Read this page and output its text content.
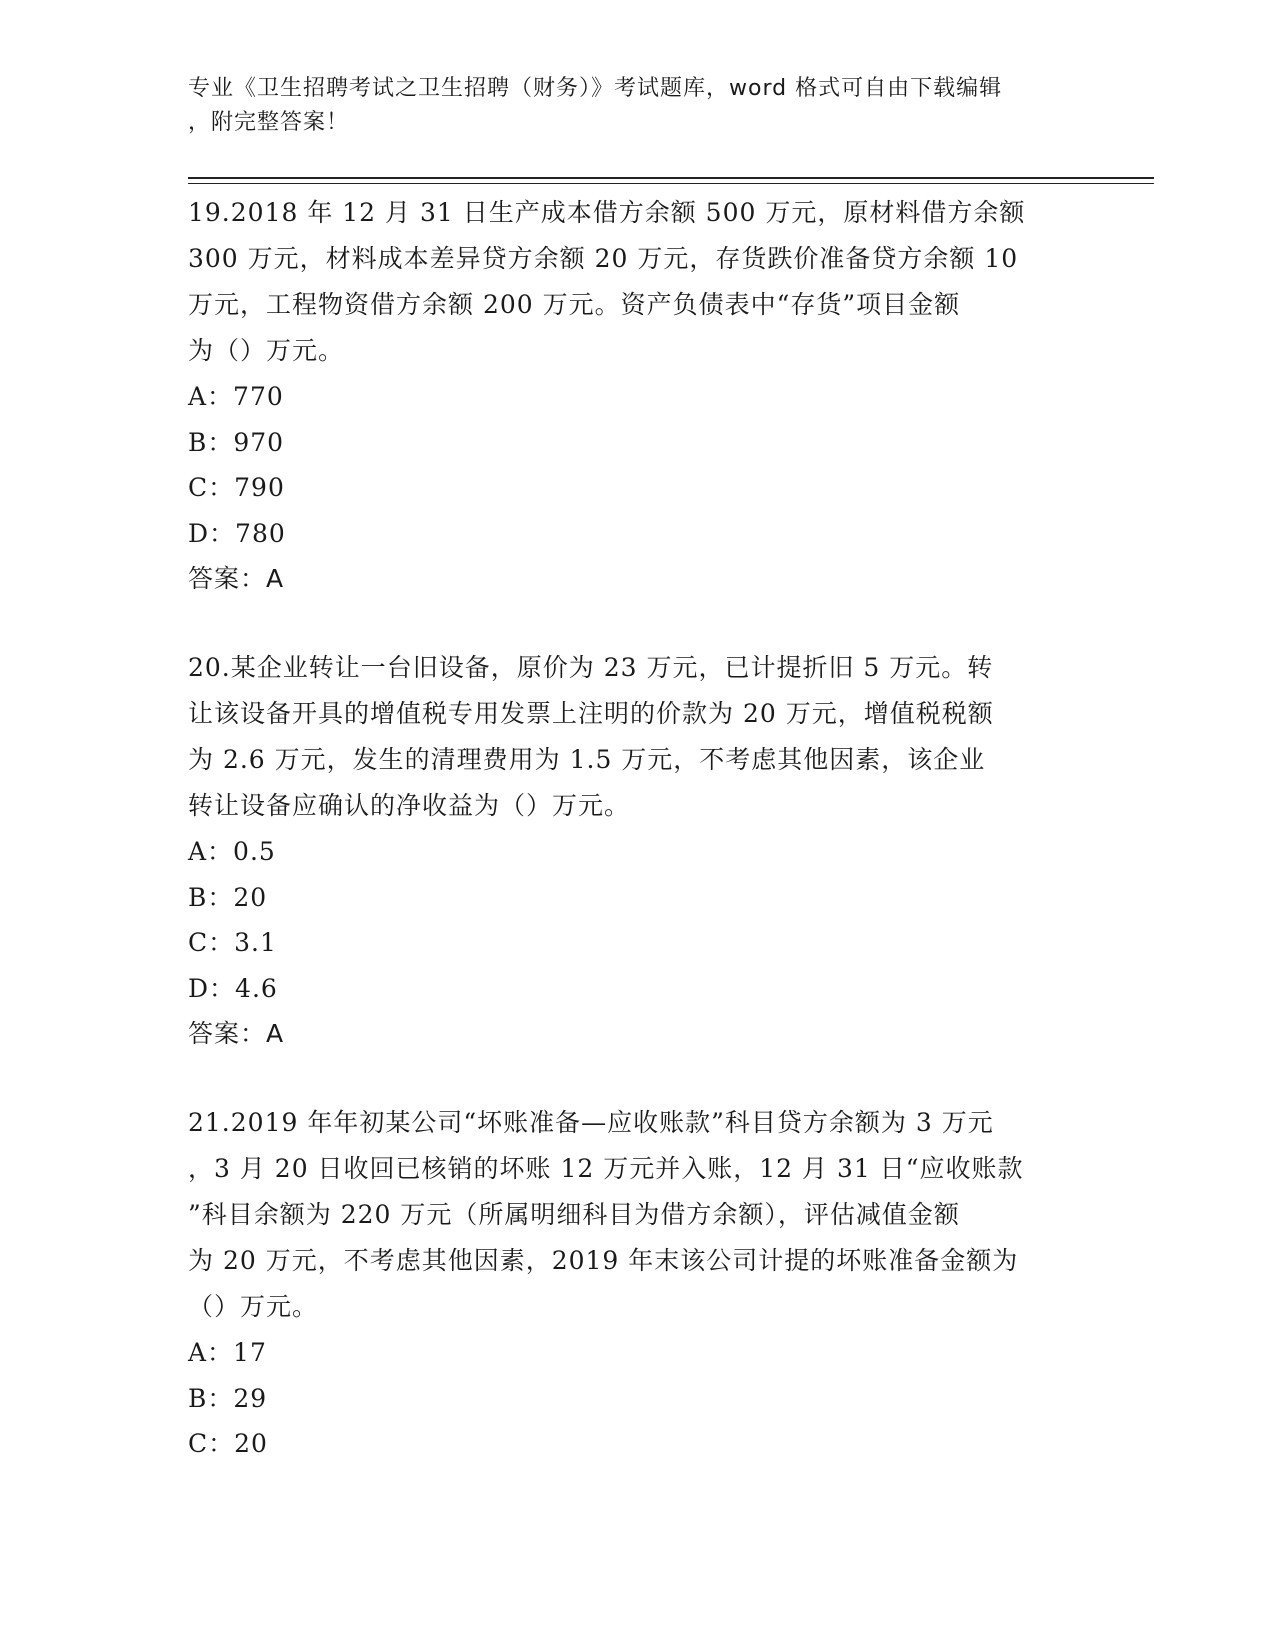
专业《卫生招聘考试之卫生招聘（财务）》考试题库，word 格式可自由下载编辑
，附完整答案！
19.2018 年 12 月 31 日生产成本借方余额 500 万元，原材料借方余额
300 万元，材料成本差异贷方余额 20 万元，存货跌价准备贷方余额 10
万元，工程物资借方余额 200 万元。资产负债表中“存货”项目金额
为（）万元。
A：770
B：970
C：790
D：780
答案：A
20.某企业转让一台旧设备，原价为 23 万元，已计提折旧 5 万元。转
让该设备开具的增值税专用发票上注明的价款为 20 万元，增值税税额
为 2.6 万元，发生的清理费用为 1.5 万元，不考虑其他因素，该企业
转让设备应确认的净收益为（）万元。
A：0.5
B：20
C：3.1
D：4.6
答案：A
21.2019 年年初某公司“坏账准备—应收账款”科目贷方余额为 3 万元
，3 月 20 日收回已核销的坏账 12 万元并入账，12 月 31 日“应收账款
”科目余额为 220 万元（所属明细科目为借方余额），评估减值金额
为 20 万元，不考虑其他因素，2019 年末该公司计提的坏账准备金额为
（）万元。
A：17
B：29
C：20
